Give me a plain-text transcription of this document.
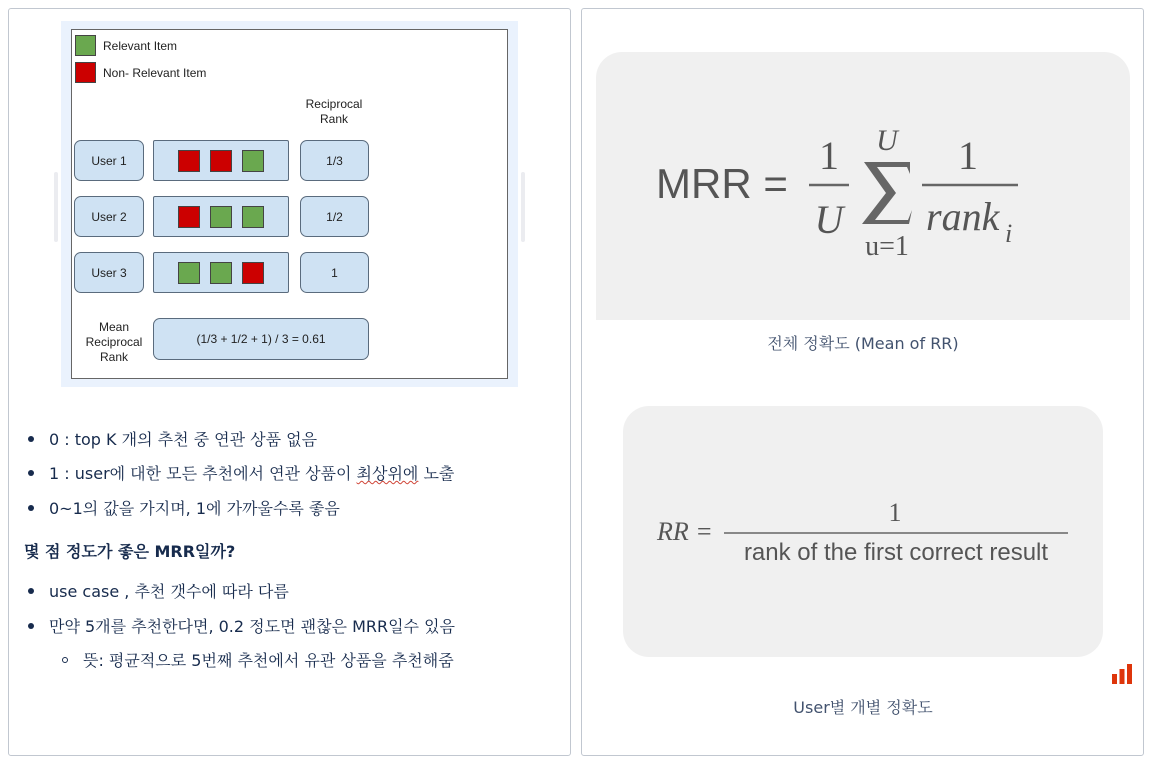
Relevant Item
Non- Relevant Item
Reciprocal
Rank
User 1	1/3
User 2	1/2
User 3	1
Mean
Reciprocal
Rank
(1/3 + 1/2 + 1) / 3 = 0.61
0 : top K 개의 추천 중 연관 상품 없음
1 : user에 대한 모든 추천에서 연관 상품이 최상위에 노출
0~1의 값을 가지며, 1에 가까울수록 좋음
몇 점 정도가 좋은 MRR일까?
use case , 추천 갯수에 따라 다름
만약 5개를 추천한다면, 0.2 정도면 괜찮은 MRR일수 있음
뜻: 평균적으로 5번째 추천에서 유관 상품을 추천해줌
MRR =
1
U
U
u=1
1
rank i
전체 정확도 (Mean of RR)
RR =
1
rank of the first correct result
User별 개별 정확도
